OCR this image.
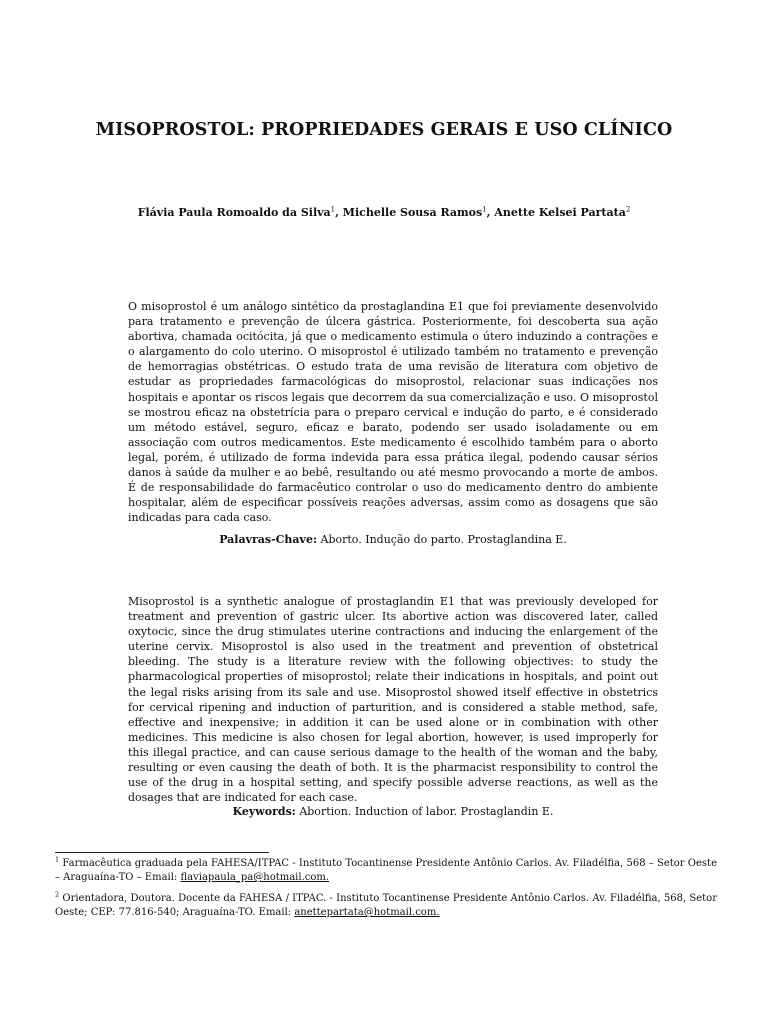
MISOPROSTOL: PROPRIEDADES GERAIS E USO CLÍNICO
Flávia Paula Romoaldo da Silva$^1$, Michelle Sousa Ramos$^1$, Anette Kelsei Partata$^2$

O misoprostol é um análogo sintético da prostaglandina E1 que foi previamente desenvolvido para tratamento e prevenção de úlcera gástrica. Posteriormente, foi descoberta sua ação abortiva, chamada ocitócita, já que o medicamento estimula o útero induzindo a contrações e o alargamento do colo uterino. O misoprostol é utilizado também no tratamento e prevenção de hemorragias obstétricas. O estudo trata de uma revisão de literatura com objetivo de estudar as propriedades farmacológicas do misoprostol, relacionar suas indicações nos hospitais e apontar os riscos legais que decorrem da sua comercialização e uso. O misoprostol se mostrou eficaz na obstetrícia para o preparo cervical e indução do parto, e é considerado um método estável, seguro, eficaz e barato, podendo ser usado isoladamente ou em associação com outros medicamentos. Este medicamento é escolhido também para o aborto legal, porém, é utilizado de forma indevida para essa prática ilegal, podendo causar sérios danos à saúde da mulher e ao bebê, resultando ou até mesmo provocando a morte de ambos. É de responsabilidade do farmacêutico controlar o uso do medicamento dentro do ambiente hospitalar, além de especificar possíveis reações adversas, assim como as dosagens que são indicadas para cada caso.

Palavras-Chave: Aborto. Indução do parto. Prostaglandina E.

Misoprostol is a synthetic analogue of prostaglandin E1 that was previously developed for treatment and prevention of gastric ulcer. Its abortive action was discovered later, called oxytocic, since the drug stimulates uterine contractions and inducing the enlargement of the uterine cervix. Misoprostol is also used in the treatment and prevention of obstetrical bleeding. The study is a literature review with the following objectives: to study the pharmacological properties of misoprostol; relate their indications in hospitals, and point out the legal risks arising from its sale and use. Misoprostol showed itself effective in obstetrics for cervical ripening and induction of parturition, and is considered a stable method, safe, effective and inexpensive; in addition it can be used alone or in combination with other medicines. This medicine is also chosen for legal abortion, however, is used improperly for this illegal practice, and can cause serious damage to the health of the woman and the baby, resulting or even causing the death of both. It is the pharmacist responsibility to control the use of the drug in a hospital setting, and specify possible adverse reactions, as well as the dosages that are indicated for each case.

Keywords: Abortion. Induction of labor. Prostaglandin E.

$^1$ Farmacêutica graduada pela FAHESA/ITPAC - Instituto Tocantinense Presidente Antônio Carlos. Av. Filadélfia, 568 – Setor Oeste – Araguaína-TO – Email: flaviapaula_pa@hotmail.com.

$^2$ Orientadora, Doutora. Docente da FAHESA / ITPAC. - Instituto Tocantinense Presidente Antônio Carlos. Av. Filadélfia, 568, Setor Oeste; CEP: 77.816-540; Araguaína-TO. Email: anettepartata@hotmail.com.
